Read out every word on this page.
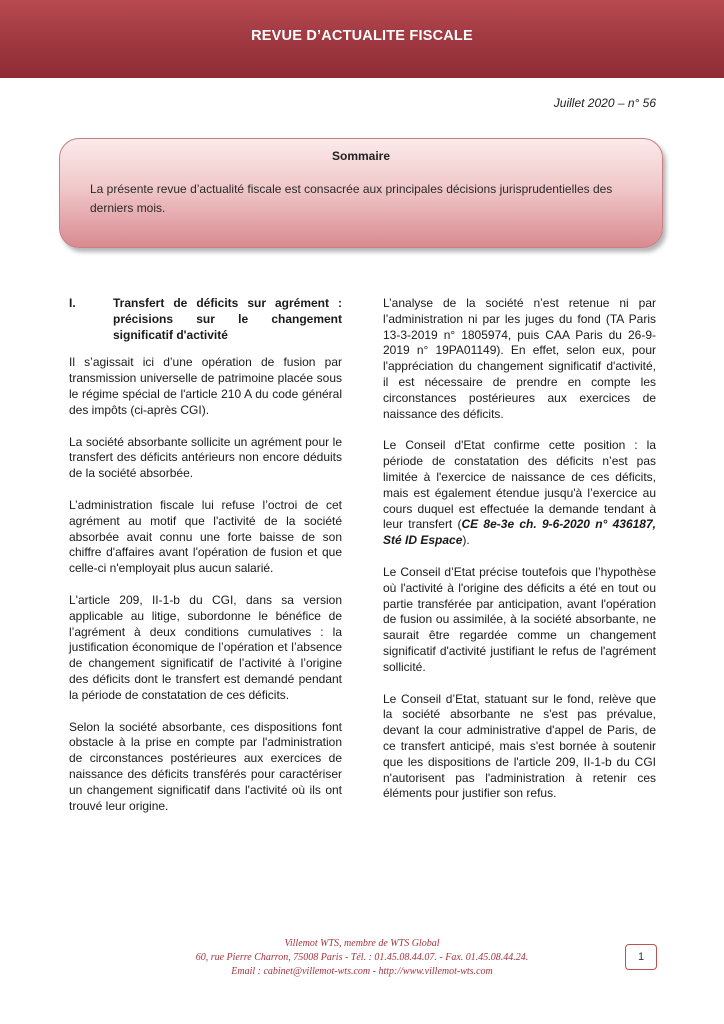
REVUE D’ACTUALITE FISCALE
Juillet 2020 – n° 56
Sommaire
La présente revue d’actualité fiscale est consacrée aux principales décisions jurisprudentielles des derniers mois.
I.	Transfert de déficits sur agrément : précisions sur le changement significatif d'activité

Il s’agissait ici d’une opération de fusion par transmission universelle de patrimoine placée sous le régime spécial de l'article 210 A du code général des impôts (ci-après CGI).

La société absorbante sollicite un agrément pour le transfert des déficits antérieurs non encore déduits de la société absorbée.

L’administration fiscale lui refuse l’octroi de cet agrément au motif que l'activité de la société absorbée avait connu une forte baisse de son chiffre d'affaires avant l'opération de fusion et que celle-ci n'employait plus aucun salarié.

L'article 209, II-1-b du CGI, dans sa version applicable au litige, subordonne le bénéfice de l’agrément à deux conditions cumulatives : la justification économique de l’opération et l’absence de changement significatif de l’activité à l’origine des déficits dont le transfert est demandé pendant la période de constatation de ces déficits.

Selon la société absorbante, ces dispositions font obstacle à la prise en compte par l'administration de circonstances postérieures aux exercices de naissance des déficits transférés pour caractériser un changement significatif dans l'activité où ils ont trouvé leur origine.

L’analyse de la société n’est retenue ni par l’administration ni par les juges du fond (TA Paris 13-3-2019 n° 1805974, puis CAA Paris du 26-9-2019 n° 19PA01149). En effet, selon eux, pour l'appréciation du changement significatif d'activité, il est nécessaire de prendre en compte les circonstances postérieures aux exercices de naissance des déficits.

Le Conseil d'Etat confirme cette position : la période de constatation des déficits n’est pas limitée à l'exercice de naissance de ces déficits, mais est également étendue jusqu'à l’exercice au cours duquel est effectuée la demande tendant à leur transfert (CE 8e-3e ch. 9-6-2020 n° 436187, Sté ID Espace).

Le Conseil d’Etat précise toutefois que l’hypothèse où l'activité à l'origine des déficits a été en tout ou partie transférée par anticipation, avant l'opération de fusion ou assimilée, à la société absorbante, ne saurait être regardée comme un changement significatif d'activité justifiant le refus de l'agrément sollicité.

Le Conseil d’Etat, statuant sur le fond, relève que la société absorbante ne s'est pas prévalue, devant la cour administrative d'appel de Paris, de ce transfert anticipé, mais s'est bornée à soutenir que les dispositions de l'article 209, II-1-b du CGI n'autorisent pas l'administration à retenir ces éléments pour justifier son refus.

Villemot WTS, membre de WTS Global
60, rue Pierre Charron, 75008 Paris - Tél. : 01.45.08.44.07. - Fax. 01.45.08.44.24.
Email : cabinet@villemot-wts.com - http://www.villemot-wts.com
1
